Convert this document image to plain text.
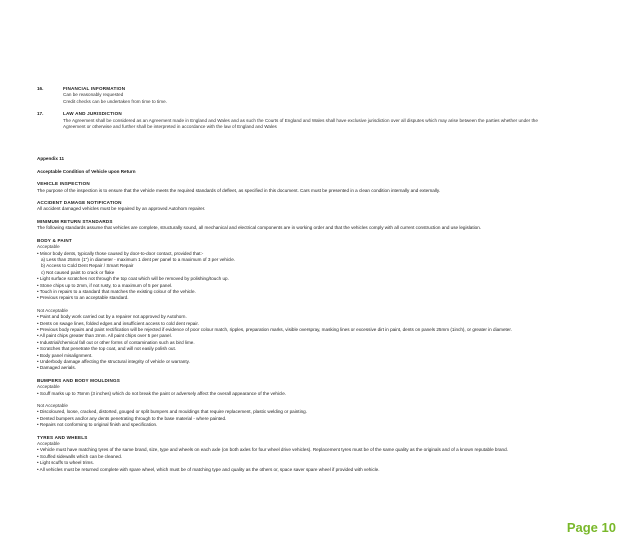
16.	FINANCIAL INFORMATION
Can be reasonably requested
Credit checks can be undertaken from time to time.
17.	LAW AND JURISDICTION
The Agreement shall be considered as an Agreement made in England and Wales and as such the Courts of England and Wales shall have exclusive jurisdiction over all disputes which may arise between the parties whether under the
Agreement or otherwise and further shall be interpreted in accordance with the law of England and Wales
Appendix 11
Acceptable Condition of Vehicle upon Return
VEHICLE INSPECTION
The purpose of the inspection is to ensure that the vehicle meets the required standards of defleet, as specified in this document. Cars must be presented in a clean condition internally and externally.
ACCIDENT DAMAGE NOTIFICATION
All accident damaged vehicles must be repaired by an approved Autohorn repairer.
MINIMUM RETURN STANDARDS
The following standards assume that vehicles are complete, structurally sound, all mechanical and electrical components are in working order and that the vehicles comply with all current construction and use legislation.
BODY & PAINT
Acceptable
• Minor body dents, typically those caused by door-to-door contact, provided that:-
a) Less than 25mm (1") in diameter - maximum 1 dent per panel to a maximum of 3 per vehicle.
b) Access to Cold Dent Repair / Smart Repair
c) Not caused paint to crack or flake
• Light surface scratches not through the top coat which will be removed by polishing/touch up.
• Stone chips up to 2mm, if not rusty, to a maximum of 5 per panel.
• Touch in repairs to a standard that matches the existing colour of the vehicle.
• Previous repairs to an acceptable standard.
Not Acceptable
• Paint and body work carried out by a repairer not approved by Autohorn.
• Dents on swage lines, folded edges and insufficient access to cold dent repair.
• Previous body repairs and paint rectification will be rejected if evidence of poor colour match, ripples, preparation marks, visible overspray, masking lines or excessive dirt in paint, dents on panels 25mm (1inch), or greater in diameter.
• All paint chips greater than 2mm. All paint chips over 5 per panel.
• Industrial/chemical fall out or other forms of contamination such as bird lime.
• Scratches that penetrate the top coat, and will not easily polish out.
• Body panel misalignment.
• Underbody damage affecting the structural integrity of vehicle or warranty.
• Damaged aerials.
BUMPERS AND BODY MOULDINGS
Acceptable
• Scuff marks up to 75mm (3 inches) which do not break the paint or adversely affect the overall appearance of the vehicle.
Not Acceptable
• Discoloured, loose, cracked, distorted, gouged or split bumpers and mouldings that require replacement, plastic welding or painting.
• Dented bumpers and/or any dents penetrating through to the base material - where painted.
• Repairs not conforming to original finish and specification.
TYRES AND WHEELS
Acceptable
• Vehicle must have matching tyres of the same brand, size, type and wheels on each axle (on both axles for four wheel drive vehicles). Replacement tyres must be of the same quality as the originals and of a known reputable brand.
• Scuffed sidewalls which can be cleaned.
• Light scuffs to wheel trims.
• All vehicles must be returned complete with spare wheel, which must be of matching type and quality as the others or, space saver spare wheel if provided with vehicle.
Page 10
